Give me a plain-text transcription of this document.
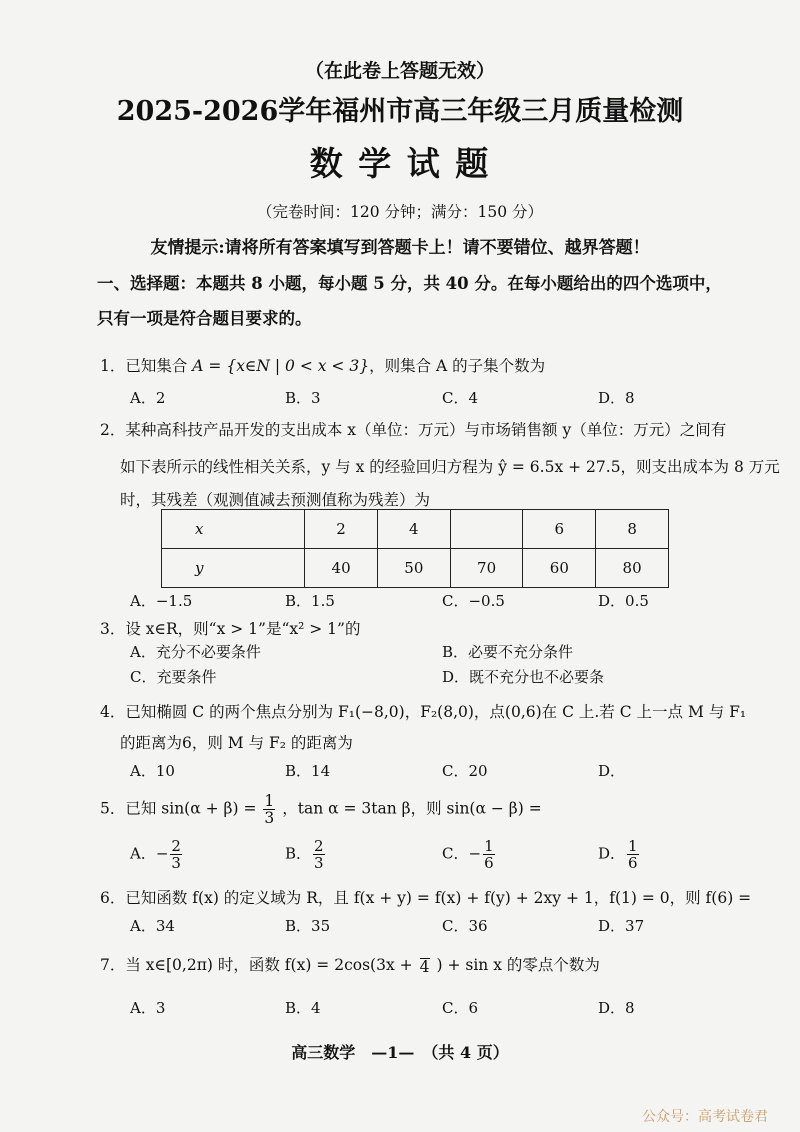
（在此卷上答题无效）
2025-2026学年福州市高三年级三月质量检测
数 学 试 题
（完卷时间：120 分钟；满分：150 分）
友情提示:请将所有答案填写到答题卡上！请不要错位、越界答题！
一、选择题：本题共 8 小题，每小题 5 分，共 40 分。在每小题给出的四个选项中，
只有一项是符合题目要求的。
1．已知集合 A = {x∈N | 0 < x < 3}，则集合 A 的子集个数为
A．2	B．3	C．4	D．8
2．某种高科技产品开发的支出成本 x（单位：万元）与市场销售额 y（单位：万元）之间有
如下表所示的线性相关关系，y 与 x 的经验回归方程为 ŷ = 6.5x + 27.5，则支出成本为 8 万元
时，其残差（观测值减去预测值称为残差）为
x	2	4		6	8
y	40	50	70	60	80
A．−1.5	B．1.5	C．−0.5	D．0.5
3．设 x∈R，则“x > 1”是“x² > 1”的
A．充分不必要条件	B．必要不充分条件
C．充要条件	D．既不充分也不必要条
4．已知椭圆 C 的两个焦点分别为 F₁(−8,0)，F₂(8,0)，点(0,6)在 C 上.若 C 上一点 M 与 F₁
的距离为6，则 M 与 F₂ 的距离为
A．10	B．14	C．20	D．
5．已知 $\sin(\alpha + \beta) = \frac{1}{3}$ ，tan α = 3tan β，则 sin(α − β) =
A．− $\frac{2}{3}$	B． $\frac{2}{3}$	C．− $\frac{1}{6}$	D． $\frac{1}{6}$
6．已知函数 f(x) 的定义域为 R，且 f(x + y) = f(x) + f(y) + 2xy + 1，f(1) = 0，则 f(6) =
A．34	B．35	C．36	D．37
7．当 x∈[0,2π) 时，函数 f(x) = 2cos(3x + 4 ) + sin x 的零点个数为
A．3	B．4	C．6	D．8
高三数学　—1—　（共 4 页）
公众号：高考试卷君
